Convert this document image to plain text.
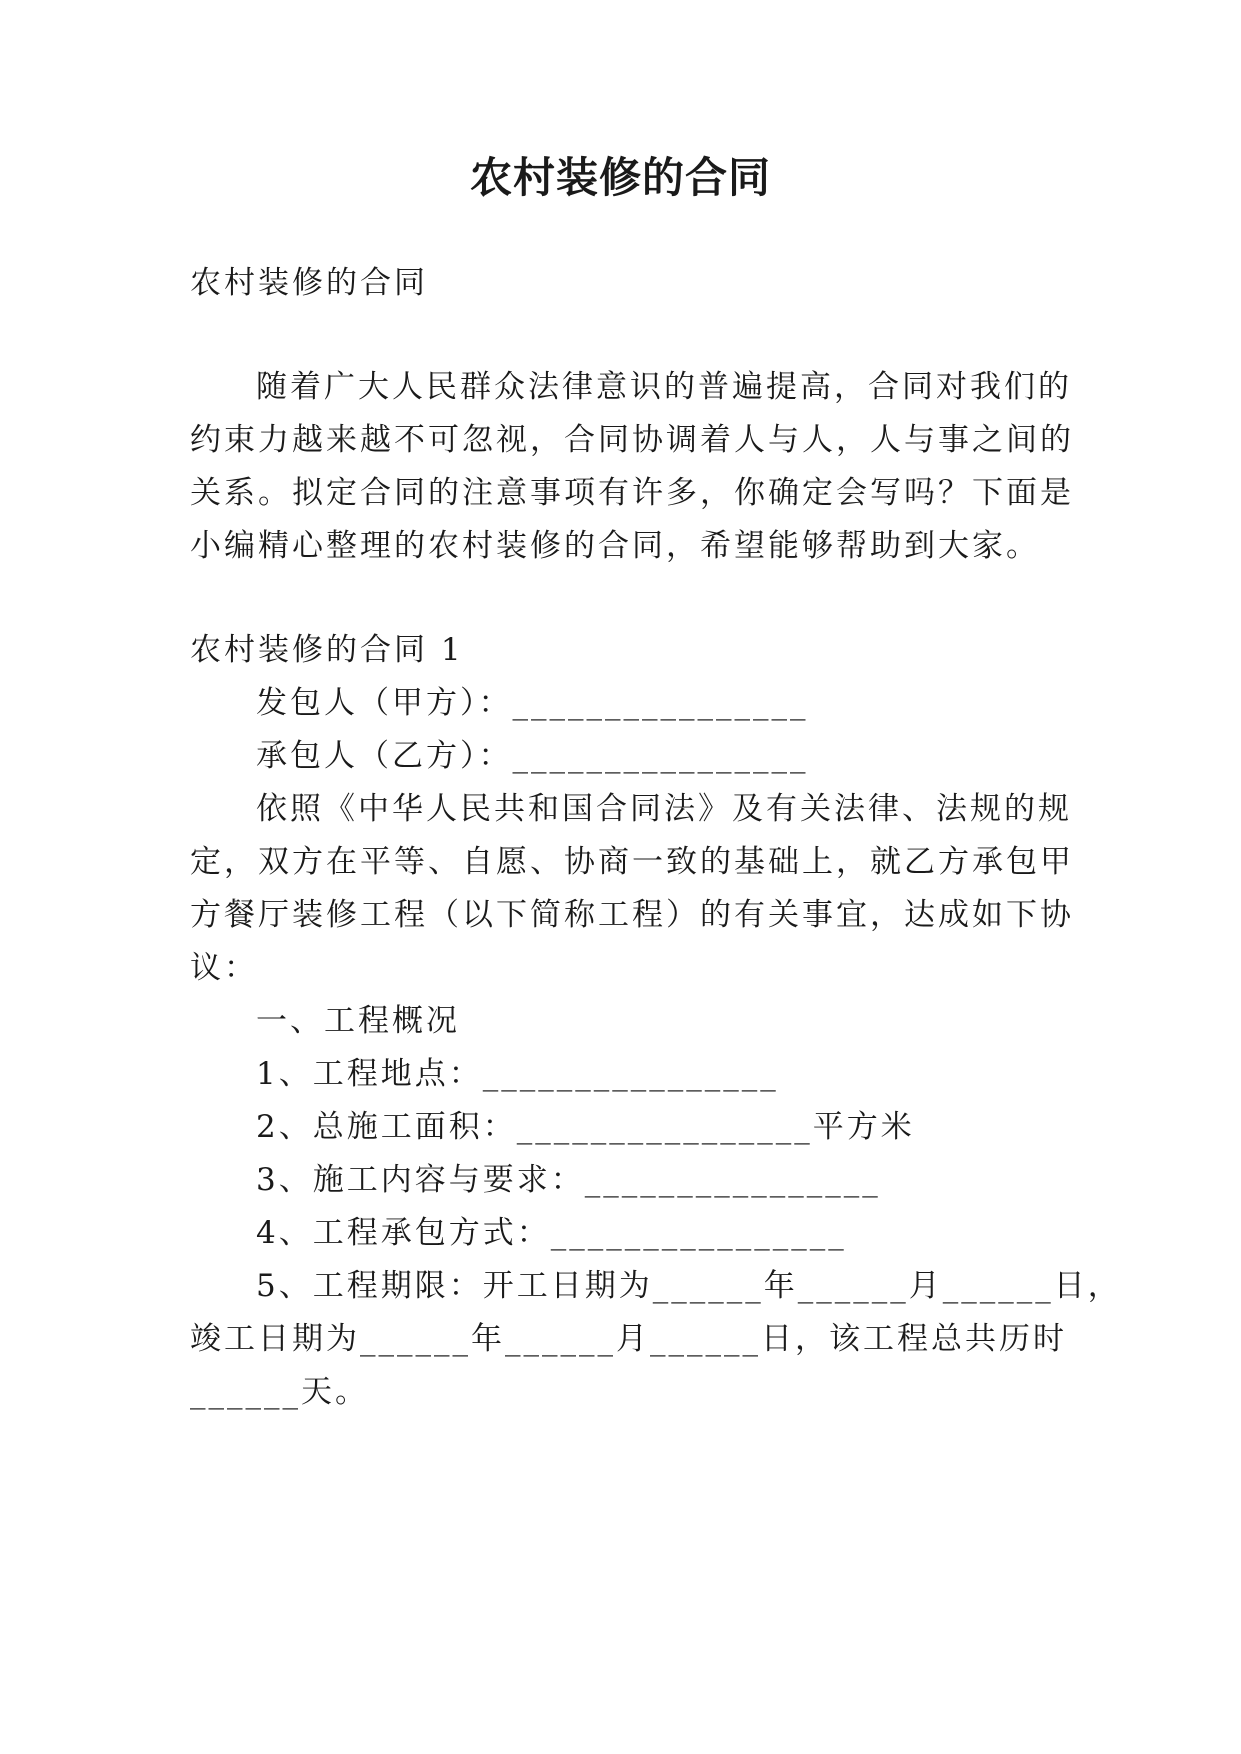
农村装修的合同
农村装修的合同
随着广大人民群众法律意识的普遍提高，合同对我们的
约束力越来越不可忽视，合同协调着人与人，人与事之间的
关系。拟定合同的注意事项有许多，你确定会写吗？下面是
小编精心整理的农村装修的合同，希望能够帮助到大家。
农村装修的合同 1
发包人（甲方）：________________
承包人（乙方）：________________
依照《中华人民共和国合同法》及有关法律、法规的规
定，双方在平等、自愿、协商一致的基础上，就乙方承包甲
方餐厅装修工程（以下简称工程）的有关事宜，达成如下协
议：
一、工程概况
1、工程地点：________________
2、总施工面积：________________平方米
3、施工内容与要求：________________
4、工程承包方式：________________
5、工程期限：开工日期为______年______月______日，
竣工日期为______年______月______日，该工程总共历时
______天。
